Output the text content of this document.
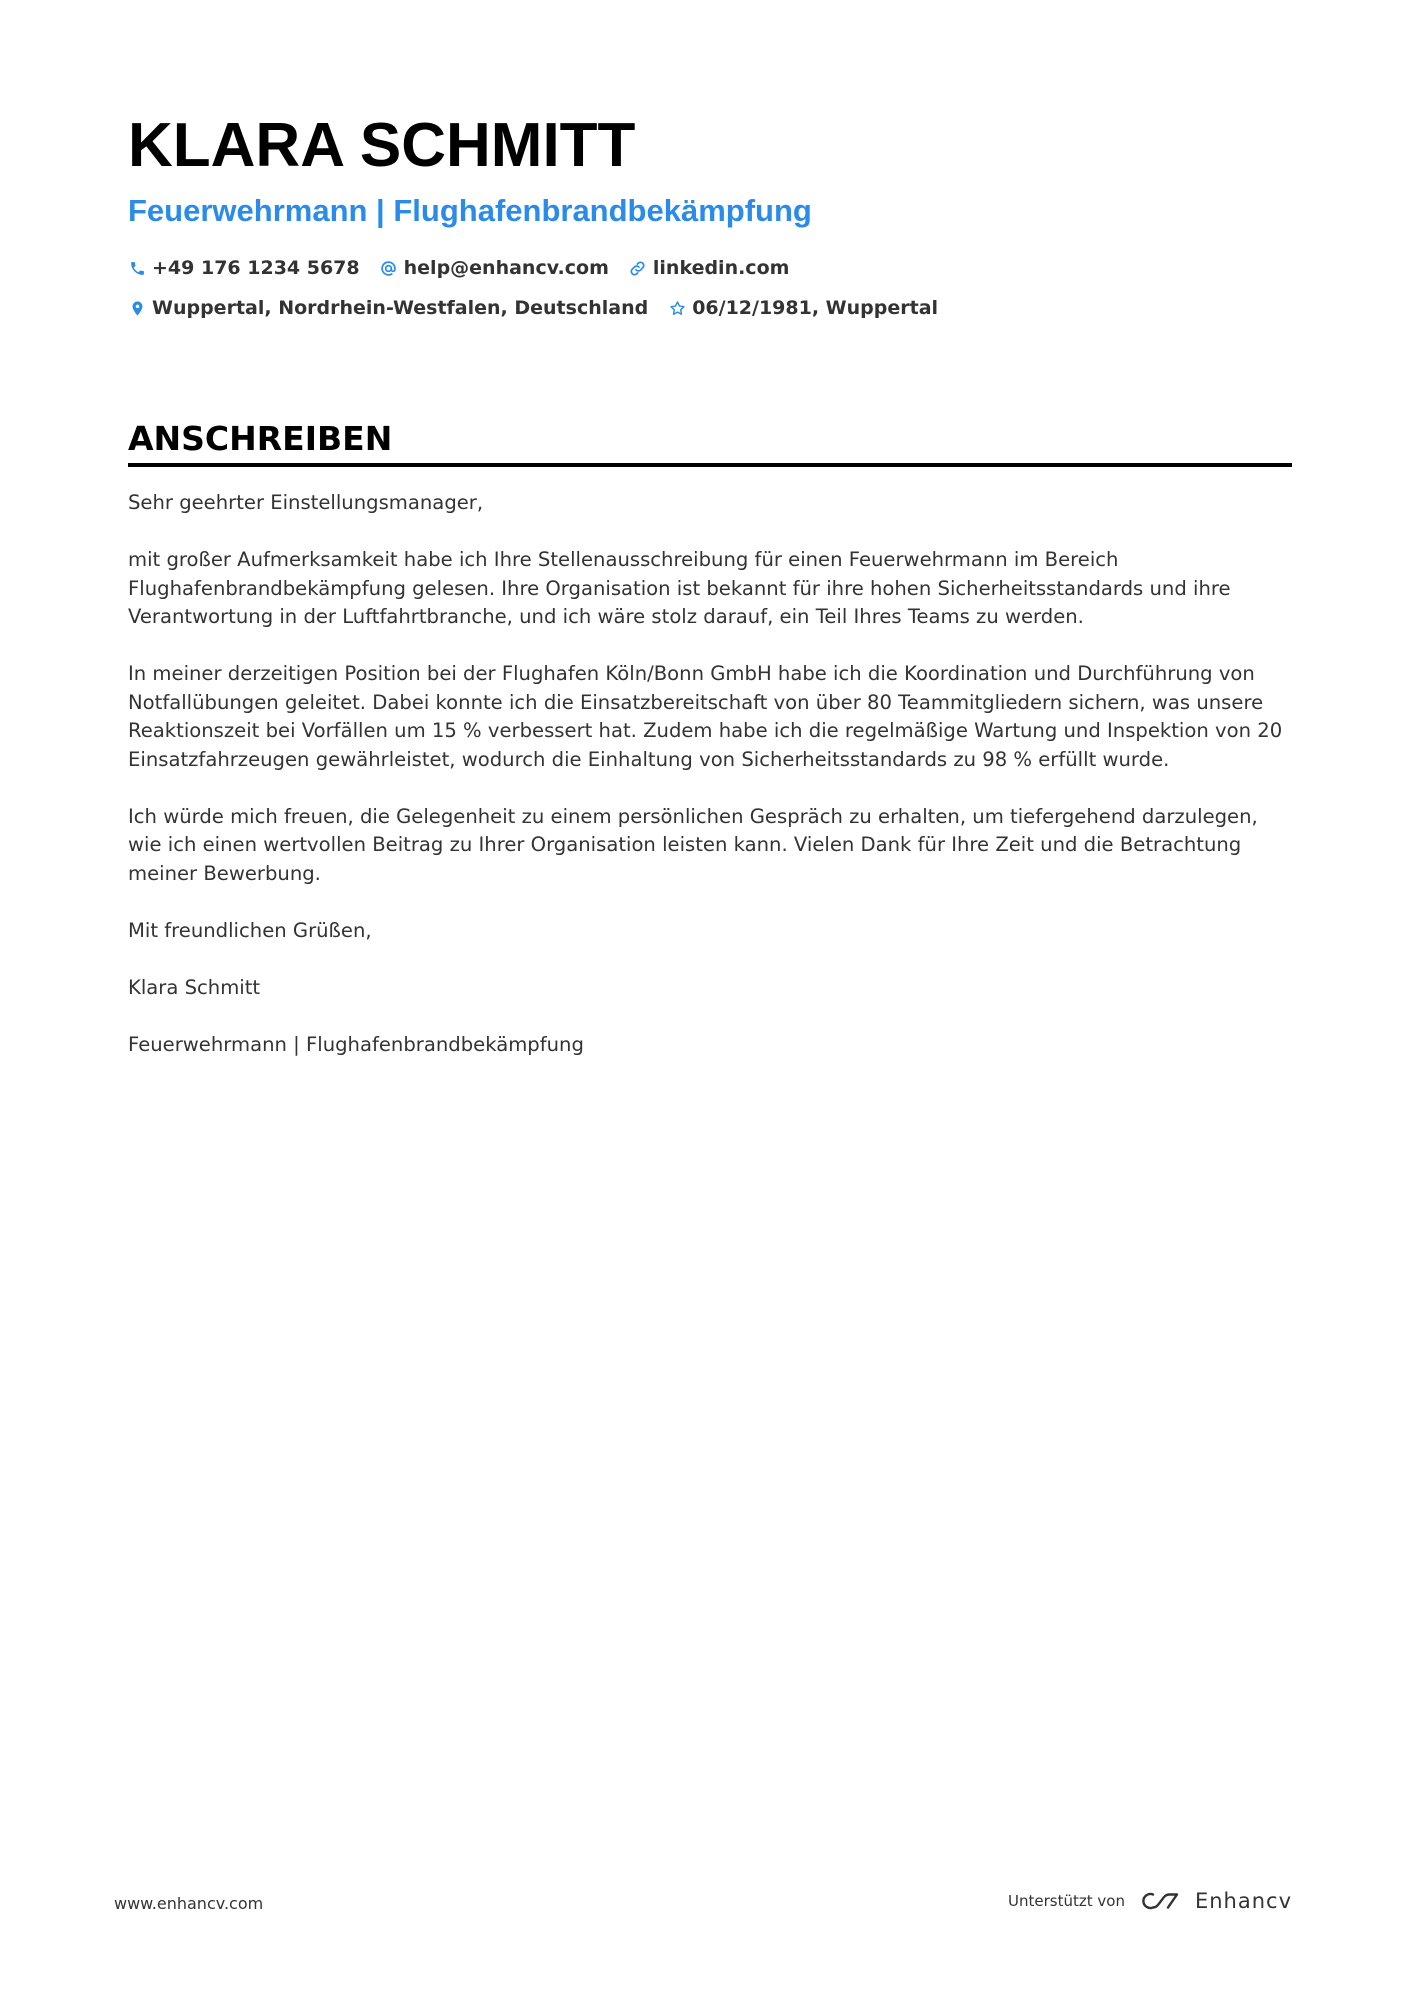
KLARA SCHMITT
Feuerwehrmann | Flughafenbrandbekämpfung
+49 176 1234 5678 help@enhancv.com linkedin.com
Wuppertal, Nordrhein-Westfalen, Deutschland 06/12/1981, Wuppertal
ANSCHREIBEN

Sehr geehrter Einstellungsmanager,

mit großer Aufmerksamkeit habe ich Ihre Stellenausschreibung für einen Feuerwehrmann im Bereich Flughafenbrandbekämpfung gelesen. Ihre Organisation ist bekannt für ihre hohen Sicherheitsstandards und ihre Verantwortung in der Luftfahrtbranche, und ich wäre stolz darauf, ein Teil Ihres Teams zu werden.

In meiner derzeitigen Position bei der Flughafen Köln/Bonn GmbH habe ich die Koordination und Durchführung von Notfallübungen geleitet. Dabei konnte ich die Einsatzbereitschaft von über 80 Teammitgliedern sichern, was unsere Reaktionszeit bei Vorfällen um 15 % verbessert hat. Zudem habe ich die regelmäßige Wartung und Inspektion von 20 Einsatzfahrzeugen gewährleistet, wodurch die Einhaltung von Sicherheitsstandards zu 98 % erfüllt wurde.

Ich würde mich freuen, die Gelegenheit zu einem persönlichen Gespräch zu erhalten, um tiefergehend darzulegen, wie ich einen wertvollen Beitrag zu Ihrer Organisation leisten kann. Vielen Dank für Ihre Zeit und die Betrachtung meiner Bewerbung.

Mit freundlichen Grüßen,

Klara Schmitt

Feuerwehrmann | Flughafenbrandbekämpfung

www.enhancv.com	Unterstützt von	Enhancv
